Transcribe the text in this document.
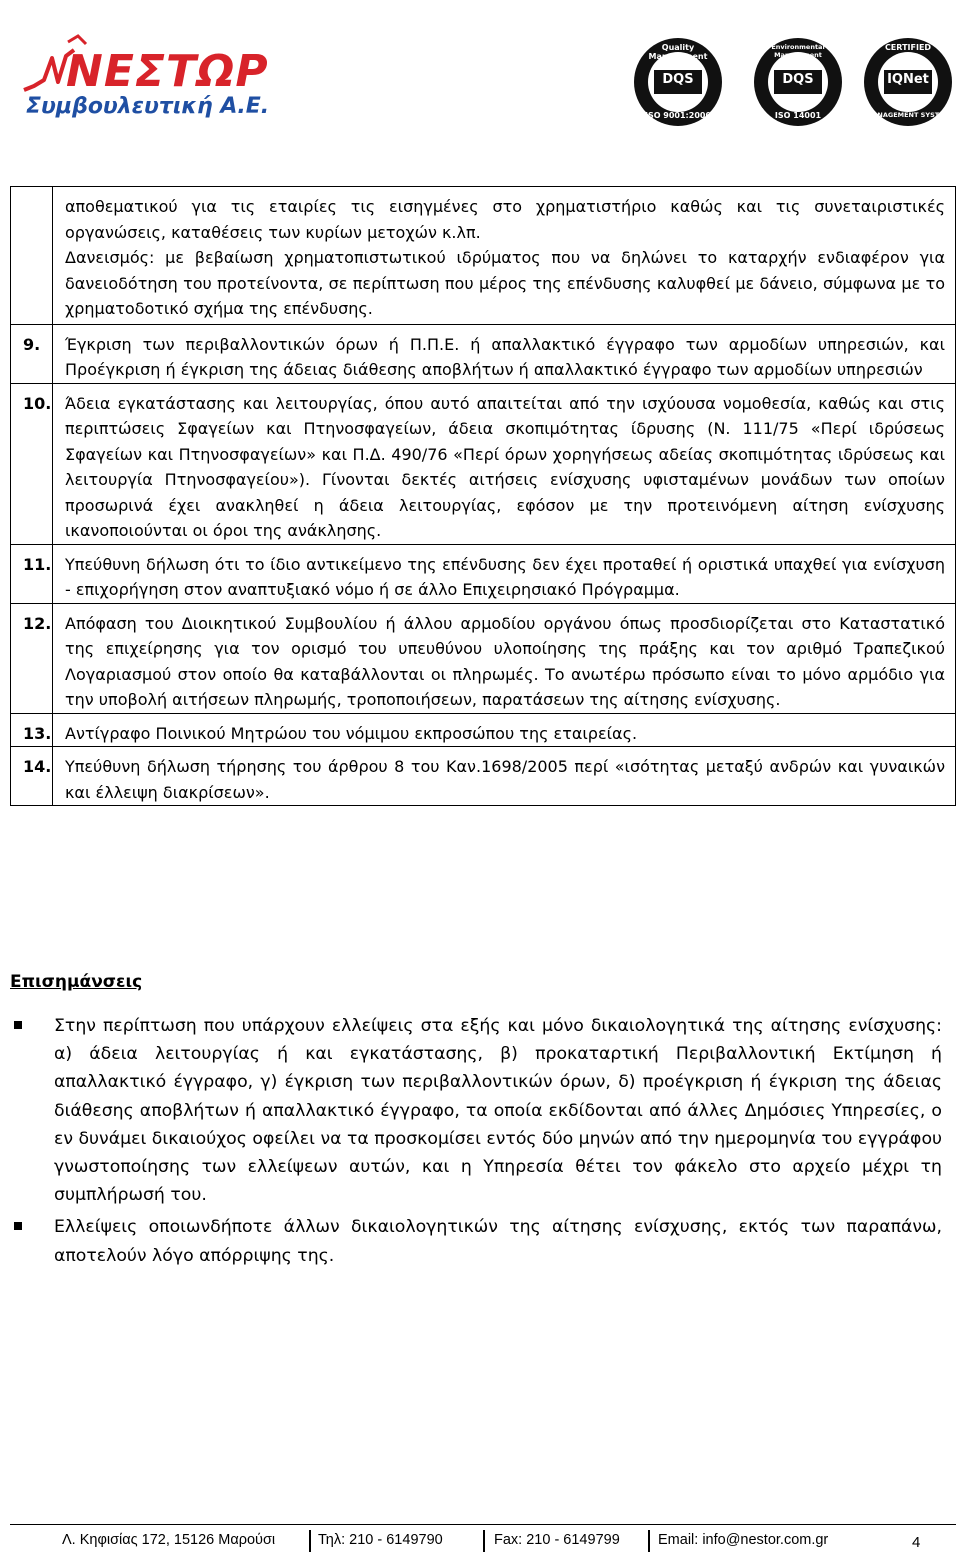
ΝΕΣΤΩΡ
Συμβουλευτική Α.Ε.
Quality Management
DQS
ISO 9001:2000
Environmental Management
DQS
ISO 14001
CERTIFIED
IQNet
MANAGEMENT SYSTEM

	αποθεματικού για τις εταιρίες τις εισηγμένες στο χρηματιστήριο καθώς και τις συνεταιριστικές οργανώσεις, καταθέσεις των κυρίων μετοχών κ.λπ.

Δανεισμός: με βεβαίωση χρηματοπιστωτικού ιδρύματος που να δηλώνει το καταρχήν ενδιαφέρον για δανειοδότηση του προτείνοντα, σε περίπτωση που μέρος της επένδυσης καλυφθεί με δάνειο, σύμφωνα με το χρηματοδοτικό σχήμα της επένδυσης.

9.	Έγκριση των περιβαλλοντικών όρων ή Π.Π.Ε. ή απαλλακτικό έγγραφο των αρμοδίων υπηρεσιών, και Προέγκριση ή έγκριση της άδειας διάθεσης αποβλήτων ή απαλλακτικό έγγραφο των αρμοδίων υπηρεσιών

10.	Άδεια εγκατάστασης και λειτουργίας, όπου αυτό απαιτείται από την ισχύουσα νομοθεσία, καθώς και στις περιπτώσεις Σφαγείων και Πτηνοσφαγείων, άδεια σκοπιμότητας ίδρυσης (Ν. 111/75 «Περί ιδρύσεως Σφαγείων και Πτηνοσφαγείων» και Π.Δ. 490/76 «Περί όρων χορηγήσεως αδείας σκοπιμότητας ιδρύσεως και λειτουργία Πτηνοσφαγείου»). Γίνονται δεκτές αιτήσεις ενίσχυσης υφισταμένων μονάδων των οποίων προσωρινά έχει ανακληθεί η άδεια λειτουργίας, εφόσον με την προτεινόμενη αίτηση ενίσχυσης ικανοποιούνται οι όροι της ανάκλησης.

11.	Υπεύθυνη δήλωση ότι το ίδιο αντικείμενο της επένδυσης δεν έχει προταθεί ή οριστικά υπαχθεί για ενίσχυση - επιχορήγηση στον αναπτυξιακό νόμο ή σε άλλο Επιχειρησιακό Πρόγραμμα.

12.	Απόφαση του Διοικητικού Συμβουλίου ή άλλου αρμοδίου οργάνου όπως προσδιορίζεται στο Καταστατικό της επιχείρησης για τον ορισμό του υπευθύνου υλοποίησης της πράξης και τον αριθμό Τραπεζικού Λογαριασμού στον οποίο θα καταβάλλονται οι πληρωμές. Το ανωτέρω πρόσωπο είναι το μόνο αρμόδιο για την υποβολή αιτήσεων πληρωμής, τροποποιήσεων, παρατάσεων της αίτησης ενίσχυσης.

13.	Αντίγραφο Ποινικού Μητρώου του νόμιμου εκπροσώπου της εταιρείας.

14.	Υπεύθυνη δήλωση τήρησης του άρθρου 8 του Καν.1698/2005 περί «ισότητας μεταξύ ανδρών και γυναικών και έλλειψη διακρίσεων».
Επισημάνσεις

Στην περίπτωση που υπάρχουν ελλείψεις στα εξής και μόνο δικαιολογητικά της αίτησης ενίσχυσης: α) άδεια λειτουργίας ή και εγκατάστασης, β) προκαταρτική Περιβαλλοντική Εκτίμηση ή απαλλακτικό έγγραφο, γ) έγκριση των περιβαλλοντικών όρων, δ) προέγκριση ή έγκριση της άδειας διάθεσης αποβλήτων ή απαλλακτικό έγγραφο, τα οποία εκδίδονται από άλλες Δημόσιες Υπηρεσίες, ο εν δυνάμει δικαιούχος οφείλει να τα προσκομίσει εντός δύο μηνών από την ημερομηνία του εγγράφου γνωστοποίησης των ελλείψεων αυτών, και η Υπηρεσία θέτει τον φάκελο στο αρχείο μέχρι τη συμπλήρωσή του.

Ελλείψεις οποιωνδήποτε άλλων δικαιολογητικών της αίτησης ενίσχυσης, εκτός των παραπάνω, αποτελούν λόγο απόρριψης της.

Λ. Κηφισίας 172, 15126 Μαρούσι	Τηλ: 210 - 6149790	Fax: 210 - 6149799	Email: info@nestor.com.gr	4
